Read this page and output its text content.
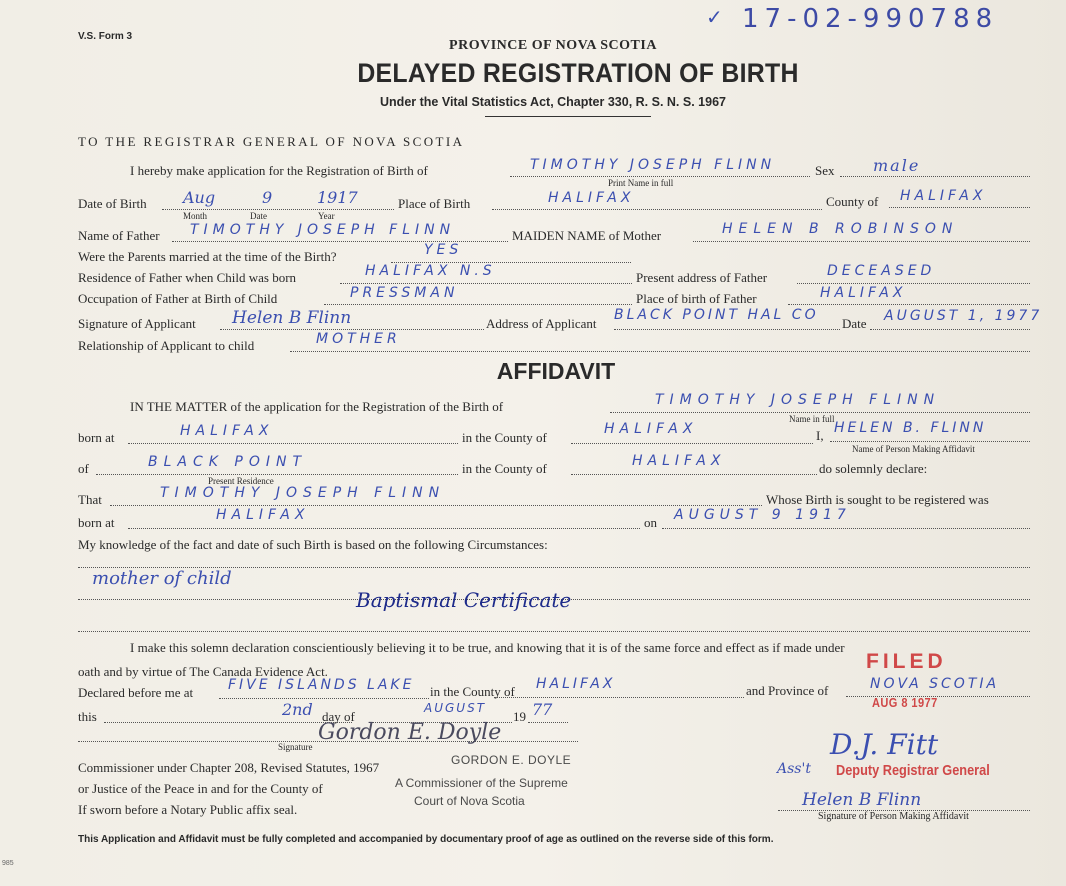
V.S. Form 3
✓ 17-02-990788
PROVINCE OF NOVA SCOTIA
DELAYED REGISTRATION OF BIRTH
Under the Vital Statistics Act, Chapter 330, R. S. N. S. 1967
TO THE REGISTRAR GENERAL OF NOVA SCOTIA
I hereby make application for the Registration of Birth of	TIMOTHY JOSEPH FLINN
Print Name in full
Sex male
Date of Birth Aug	9	1917
Month	Date	Year
Place of Birth	HALIFAX	County of HALIFAX
Name of Father TIMOTHY JOSEPH FLINN	MAIDEN NAME of Mother	HELEN B ROBINSON
Were the Parents married at the time of the Birth?	YES
Residence of Father when Child was born	HALIFAX N.S	Present address of Father	DECEASED
Occupation of Father at Birth of Child	PRESSMAN	Place of birth of Father	HALIFAX
Signature of Applicant Helen B Flinn	Address of Applicant
BLACK POINT HAL CO
Date AUGUST 1, 1977
Relationship of Applicant to child	MOTHER
AFFIDAVIT
IN THE MATTER of the application for the Registration of the Birth of	TIMOTHY JOSEPH FLINN
Name in full
born at	HALIFAX	in the County of
HALIFAX	I, HELEN B. FLINN
Name of Person Making Affidavit
of	BLACK POINT
Present Residence
in the County of	HALIFAX	do solemnly declare:
That	TIMOTHY JOSEPH FLINN	Whose Birth is sought to be registered was
born at	HALIFAX	on AUGUST 9 1917
My knowledge of the fact and date of such Birth is based on the following Circumstances:
mother of child
Baptismal Certificate
I make this solemn declaration conscientiously believing it to be true, and knowing that it is of the same force and effect as if made under
oath and by virtue of The Canada Evidence Act.
Declared before me at FIVE ISLANDS LAKE in the County of HALIFAX	and Province of	NOVA SCOTIA
this	2nd day of
AUGUST
19 77
Gordon E. Doyle
Signature
Commissioner under Chapter 208, Revised Statutes, 1967
or Justice of the Peace in and for the County of
If sworn before a Notary Public affix seal.
GORDON E. DOYLE
A Commissioner of the Supreme
Court of Nova Scotia
FILED
AUG 8 1977
D.J. Fitt
Ass't Deputy Registrar General
Helen B Flinn
Signature of Person Making Affidavit
This Application and Affidavit must be fully completed and accompanied by documentary proof of age as outlined on the reverse side of this form.
985
